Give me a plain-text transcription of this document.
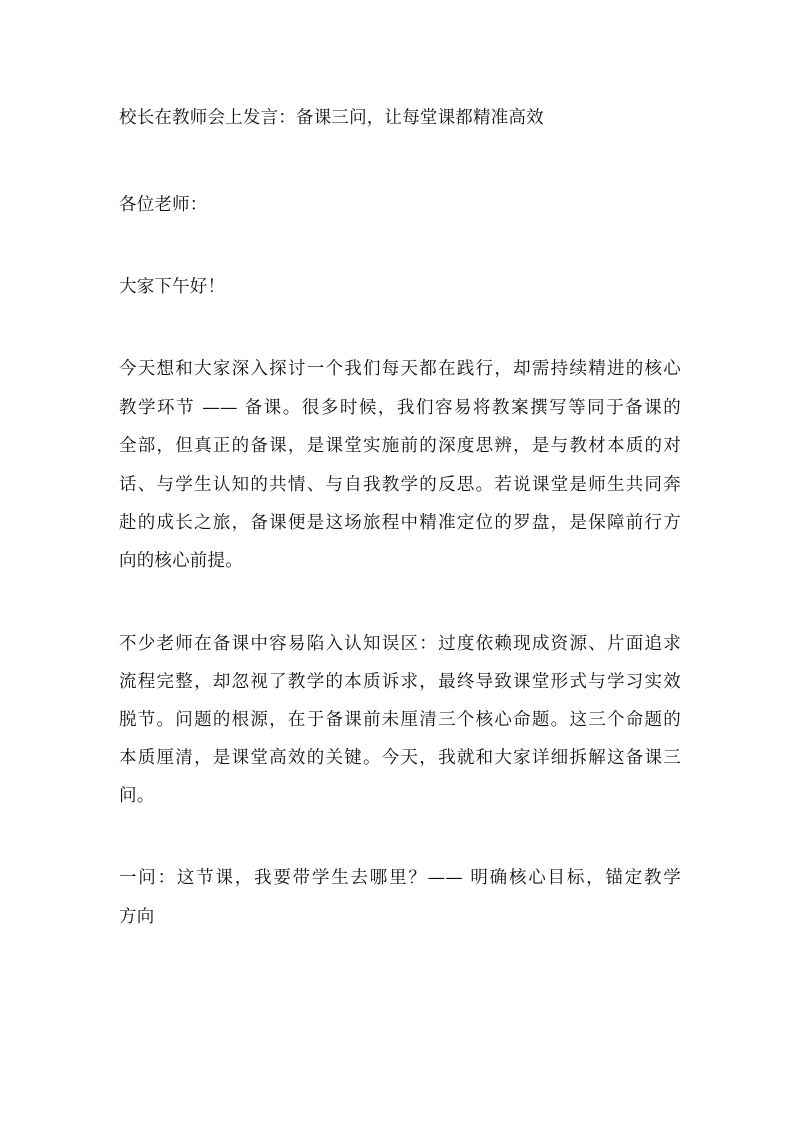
校长在教师会上发言：备课三问，让每堂课都精准高效
各位老师：
大家下午好！
今天想和大家深入探讨一个我们每天都在践行，却需持续精进的核心
教学环节 —— 备课。很多时候，我们容易将教案撰写等同于备课的
全部，但真正的备课，是课堂实施前的深度思辨，是与教材本质的对
话、与学生认知的共情、与自我教学的反思。若说课堂是师生共同奔
赴的成长之旅，备课便是这场旅程中精准定位的罗盘，是保障前行方
向的核心前提。
不少老师在备课中容易陷入认知误区：过度依赖现成资源、片面追求
流程完整，却忽视了教学的本质诉求，最终导致课堂形式与学习实效
脱节。问题的根源，在于备课前未厘清三个核心命题。这三个命题的
本质厘清，是课堂高效的关键。今天，我就和大家详细拆解这备课三
问。
一问：这节课，我要带学生去哪里？—— 明确核心目标，锚定教学
方向
